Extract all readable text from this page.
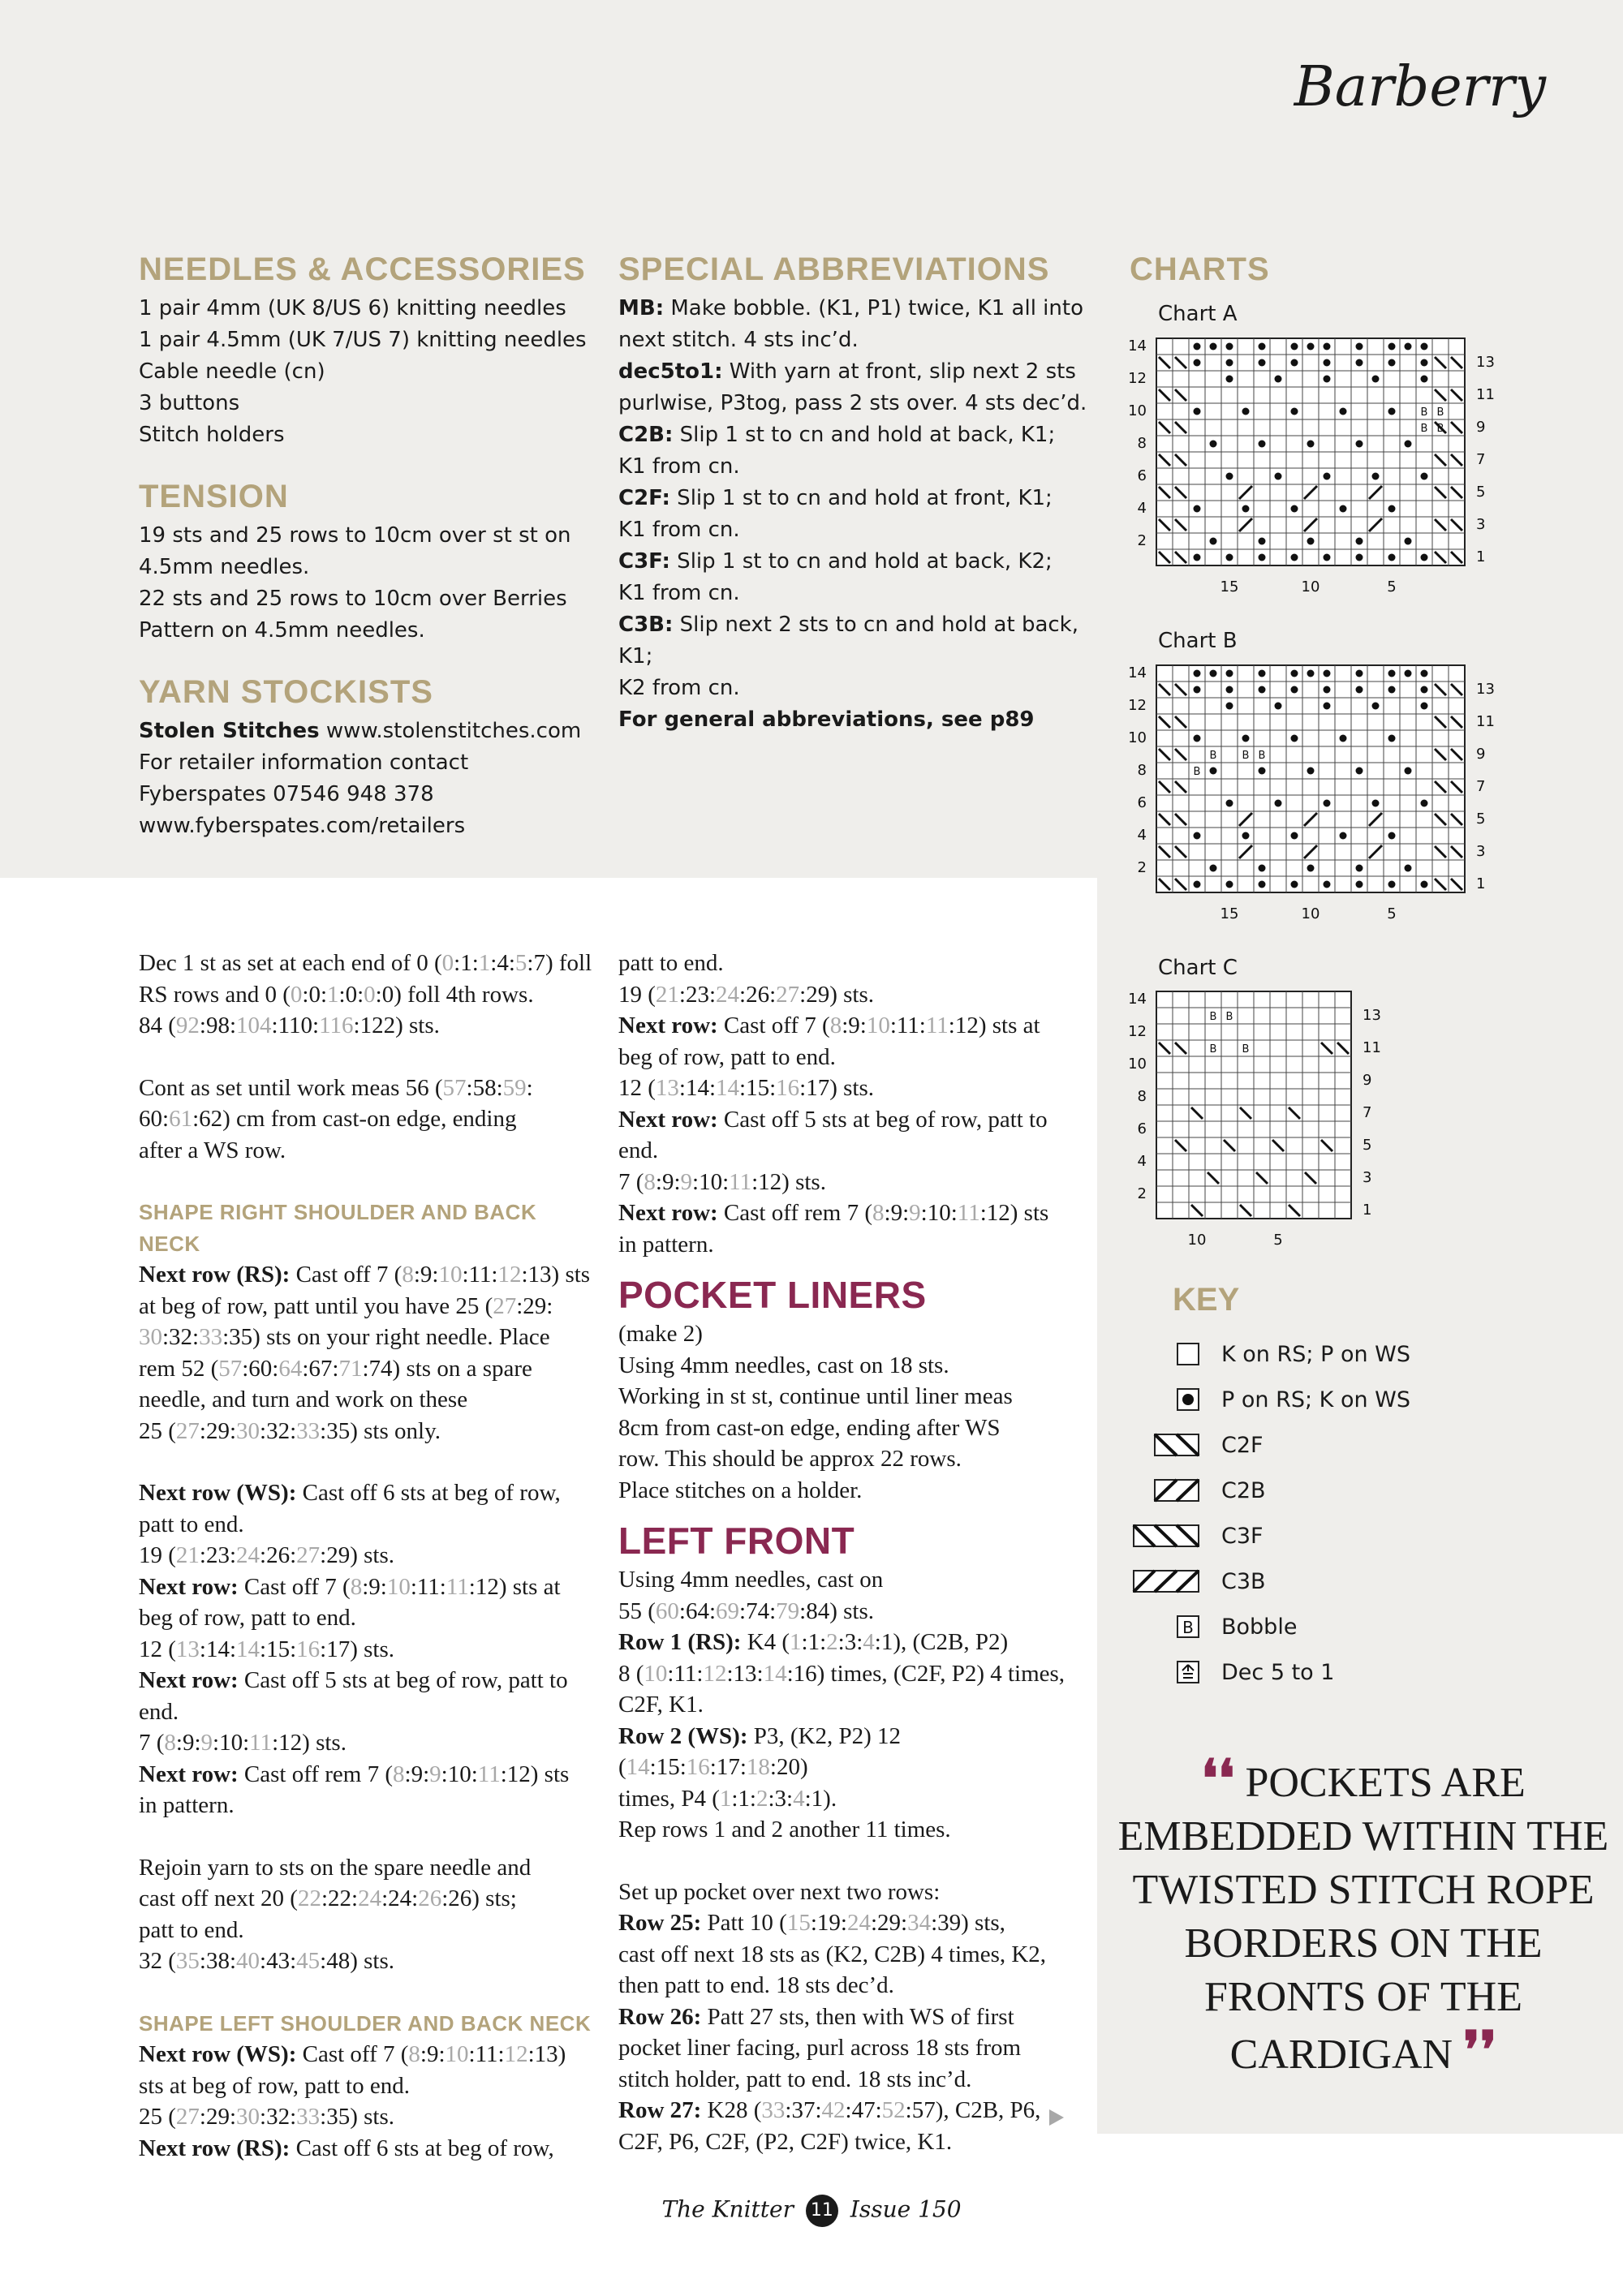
Barberry
NEEDLES & ACCESSORIES

1 pair 4mm (UK 8/US 6) knitting needles

1 pair 4.5mm (UK 7/US 7) knitting needles

Cable needle (cn)

3 buttons

Stitch holders

TENSION

19 sts and 25 rows to 10cm over st st on

4.5mm needles.

22 sts and 25 rows to 10cm over Berries

Pattern on 4.5mm needles.

YARN STOCKISTS

Stolen Stitches www.stolenstitches.com

For retailer information contact

Fyberspates 07546 948 378

www.fyberspates.com/retailers

SPECIAL ABBREVIATIONS

MB: Make bobble. (K1, P1) twice, K1 all into

next stitch. 4 sts inc’d.

dec5to1: With yarn at front, slip next 2 sts

purlwise, P3tog, pass 2 sts over. 4 sts dec’d.

C2B: Slip 1 st to cn and hold at back, K1;

K1 from cn.

C2F: Slip 1 st to cn and hold at front, K1;

K1 from cn.

C3F: Slip 1 st to cn and hold at back, K2;

K1 from cn.

C3B: Slip next 2 sts to cn and hold at back, K1;

K2 from cn.

For general abbreviations, see p89

CHARTS
Chart A
B
B
B
B
2
4
6
8
10
12
14
1
3
5
7
9
11
13
15	10	5
Chart B
B
B B
B
2
4
6
8
10
12
14
1
3
5
7
9
11
13
15	10	5
Chart C
B B
B B
2
4
6
8
10
12
14
1
3
5
7
9
11
13
10	5
KEY
K on RS; P on WS
P on RS; K on WS
C2F
C2B
C3F
C3B
B Bobble
Dec 5 to 1
❛❛ POCKETS ARE EMBEDDED WITHIN THE TWISTED STITCH ROPE BORDERS ON THE FRONTS OF THE CARDIGAN ❜❜

Dec 1 st as set at each end of 0 (0:1:1:4:5:7) foll

RS rows and 0 (0:0:1:0:0:0) foll 4th rows.

84 (92:98:104:110:116:122) sts.

Cont as set until work meas 56 (57:58:59:

60:61:62) cm from cast-on edge, ending

after a WS row.

SHAPE RIGHT SHOULDER AND BACK NECK

Next row (RS): Cast off 7 (8:9:10:11:12:13) sts

at beg of row, patt until you have 25 (27:29:

30:32:33:35) sts on your right needle. Place

rem 52 (57:60:64:67:71:74) sts on a spare

needle, and turn and work on these

25 (27:29:30:32:33:35) sts only.

Next row (WS): Cast off 6 sts at beg of row,

patt to end.

19 (21:23:24:26:27:29) sts.

Next row: Cast off 7 (8:9:10:11:11:12) sts at

beg of row, patt to end.

12 (13:14:14:15:16:17) sts.

Next row: Cast off 5 sts at beg of row, patt to

end.

7 (8:9:9:10:11:12) sts.

Next row: Cast off rem 7 (8:9:9:10:11:12) sts

in pattern.

Rejoin yarn to sts on the spare needle and

cast off next 20 (22:22:24:24:26:26) sts;

patt to end.

32 (35:38:40:43:45:48) sts.

SHAPE LEFT SHOULDER AND BACK NECK

Next row (WS): Cast off 7 (8:9:10:11:12:13)

sts at beg of row, patt to end.

25 (27:29:30:32:33:35) sts.

Next row (RS): Cast off 6 sts at beg of row,

patt to end.

19 (21:23:24:26:27:29) sts.

Next row: Cast off 7 (8:9:10:11:11:12) sts at

beg of row, patt to end.

12 (13:14:14:15:16:17) sts.

Next row: Cast off 5 sts at beg of row, patt to

end.

7 (8:9:9:10:11:12) sts.

Next row: Cast off rem 7 (8:9:9:10:11:12) sts

in pattern.

POCKET LINERS

(make 2)

Using 4mm needles, cast on 18 sts.

Working in st st, continue until liner meas

8cm from cast-on edge, ending after WS

row. This should be approx 22 rows.

Place stitches on a holder.

LEFT FRONT

Using 4mm needles, cast on

55 (60:64:69:74:79:84) sts.

Row 1 (RS): K4 (1:1:2:3:4:1), (C2B, P2)

8 (10:11:12:13:14:16) times, (C2F, P2) 4 times,

C2F, K1.

Row 2 (WS): P3, (K2, P2) 12 (14:15:16:17:18:20)

times, P4 (1:1:2:3:4:1).

Rep rows 1 and 2 another 11 times.

Set up pocket over next two rows:

Row 25: Patt 10 (15:19:24:29:34:39) sts,

cast off next 18 sts as (K2, C2B) 4 times, K2,

then patt to end. 18 sts dec’d.

Row 26: Patt 27 sts, then with WS of first

pocket liner facing, purl across 18 sts from

stitch holder, patt to end. 18 sts inc’d.

Row 27: K28 (33:37:42:47:52:57), C2B, P6,

C2F, P6, C2F, (P2, C2F) twice, K1.

The Knitter 11 Issue 150
